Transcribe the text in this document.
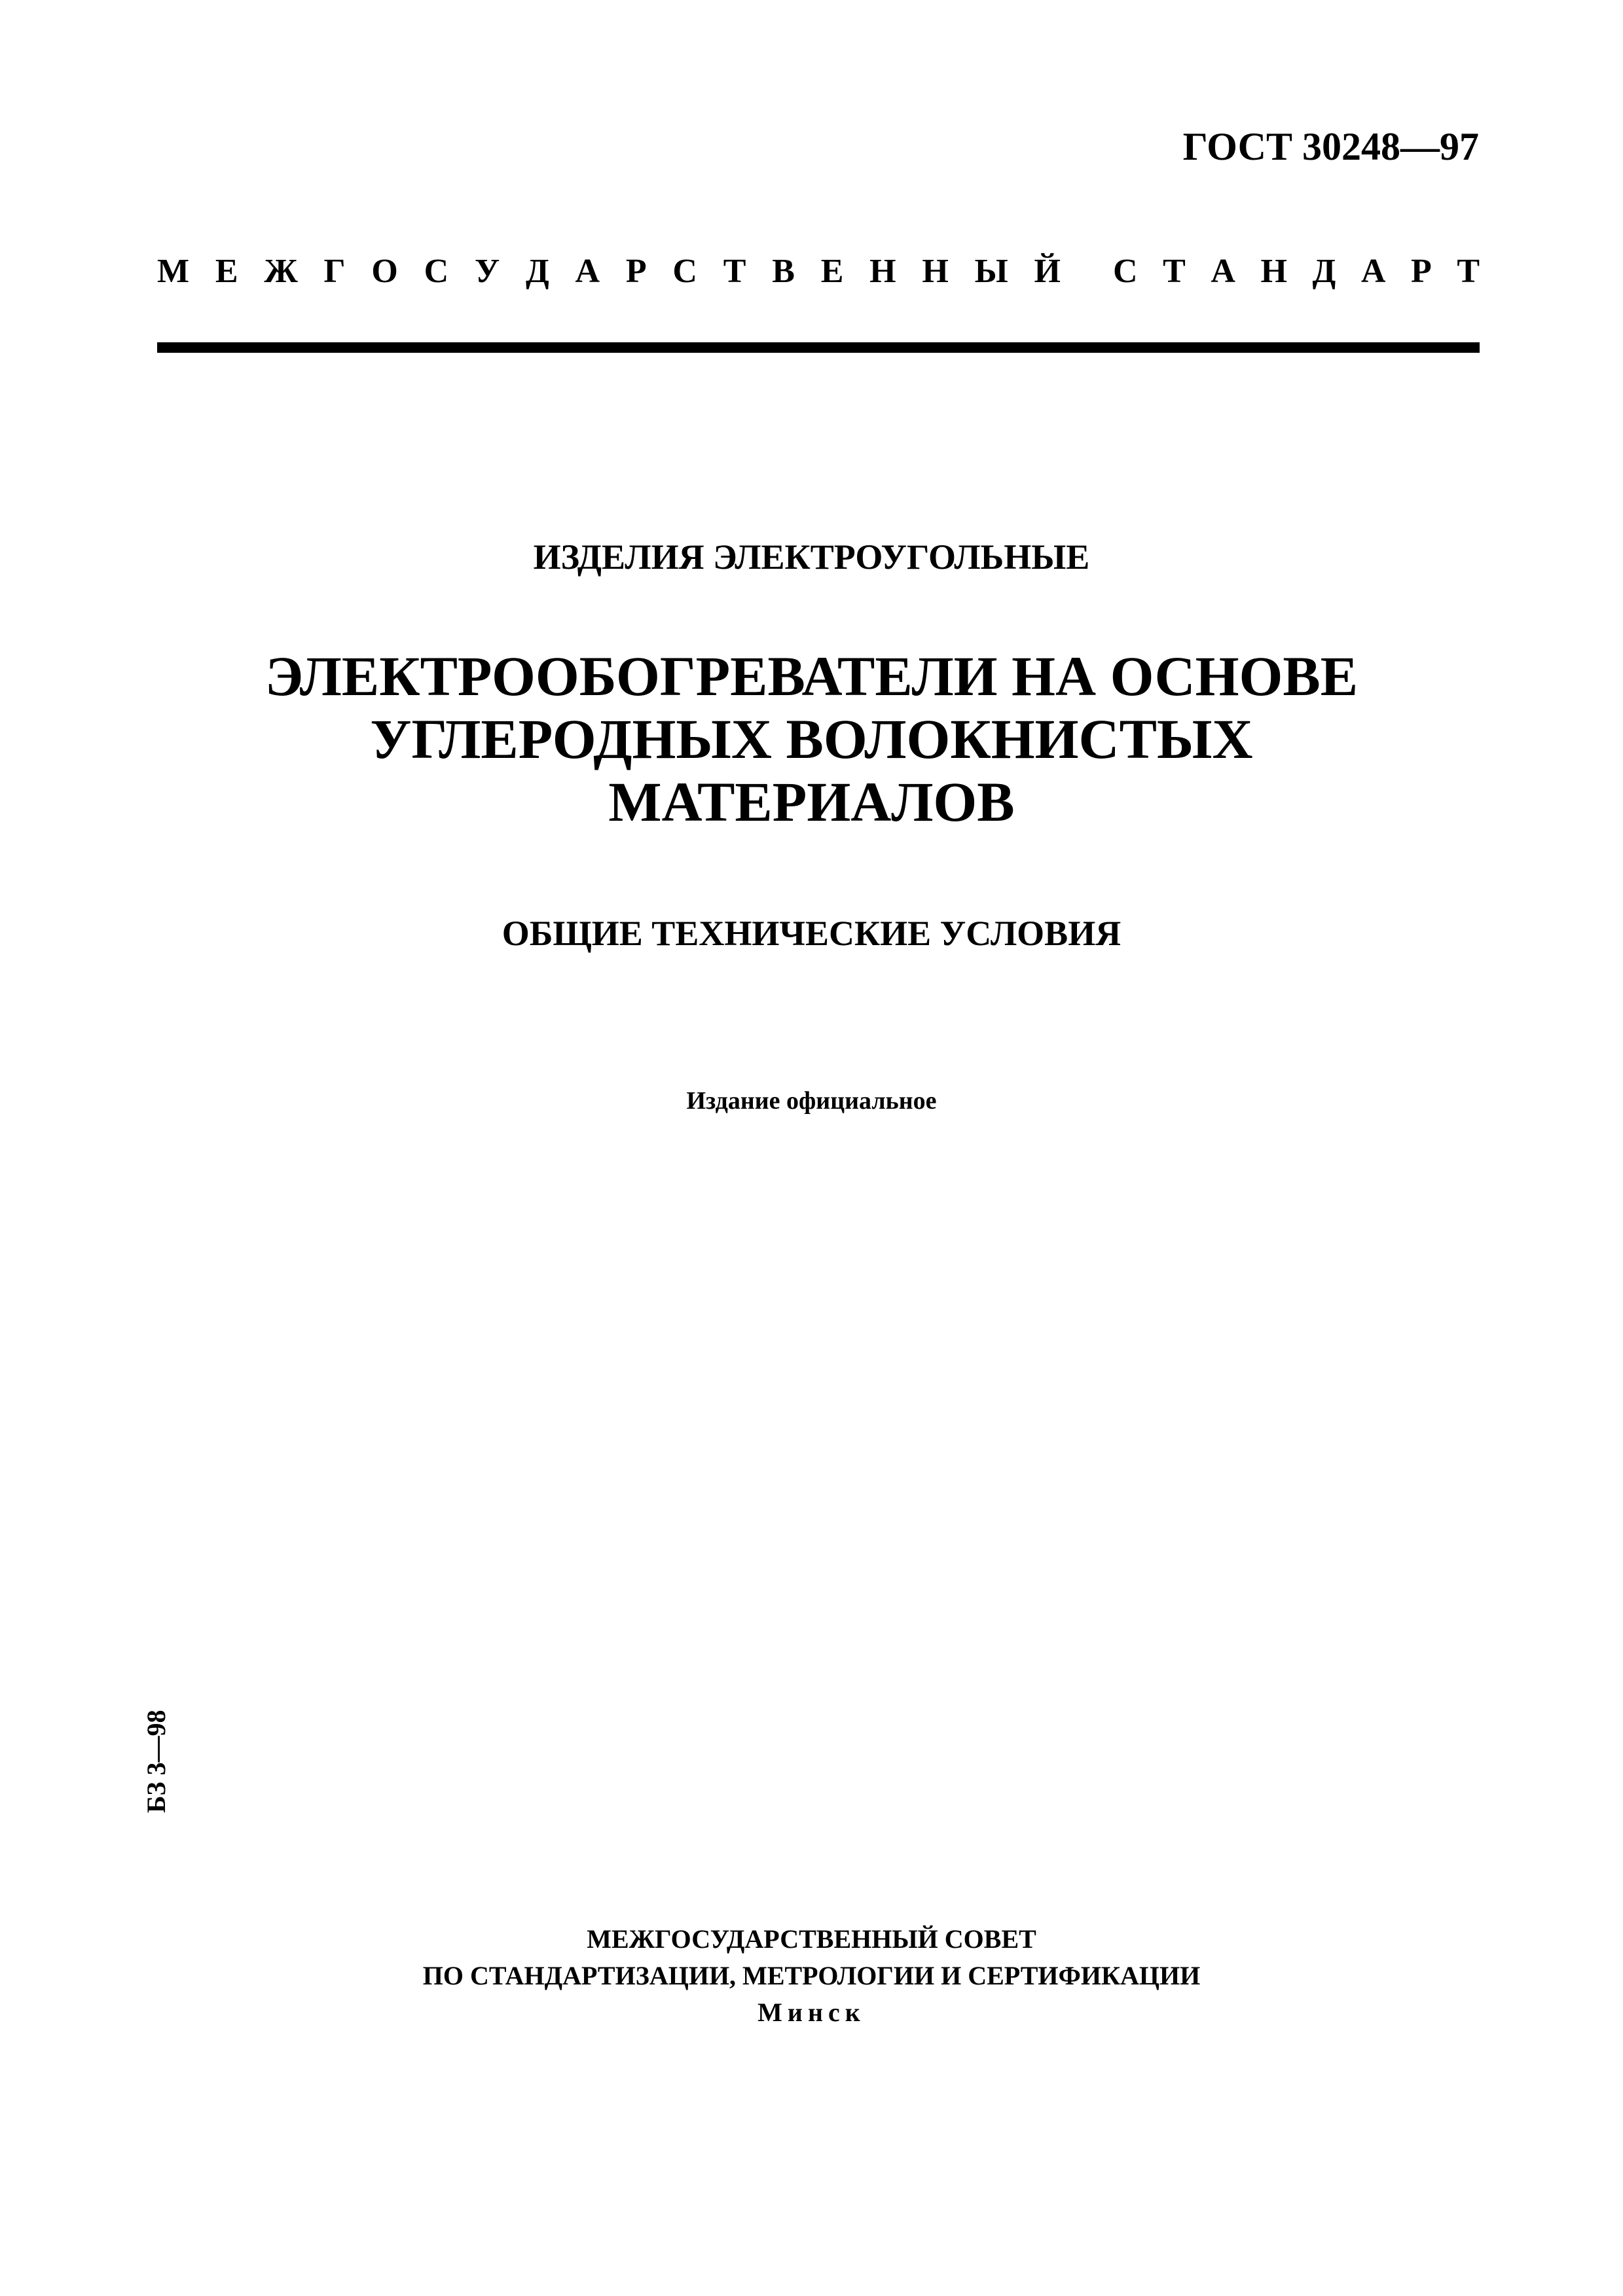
ГОСТ 30248—97
М Е Ж Г О С У Д А Р С Т В Е Н Н Ы Й С Т А Н Д А Р Т
ИЗДЕЛИЯ ЭЛЕКТРОУГОЛЬНЫЕ
ЭЛЕКТРООБОГРЕВАТЕЛИ НА ОСНОВЕ
УГЛЕРОДНЫХ ВОЛОКНИСТЫХ
МАТЕРИАЛОВ
ОБЩИЕ ТЕХНИЧЕСКИЕ УСЛОВИЯ
Издание официальное
БЗ 3—98
МЕЖГОСУДАРСТВЕННЫЙ СОВЕТ
ПО СТАНДАРТИЗАЦИИ, МЕТРОЛОГИИ И СЕРТИФИКАЦИИ
Минск
